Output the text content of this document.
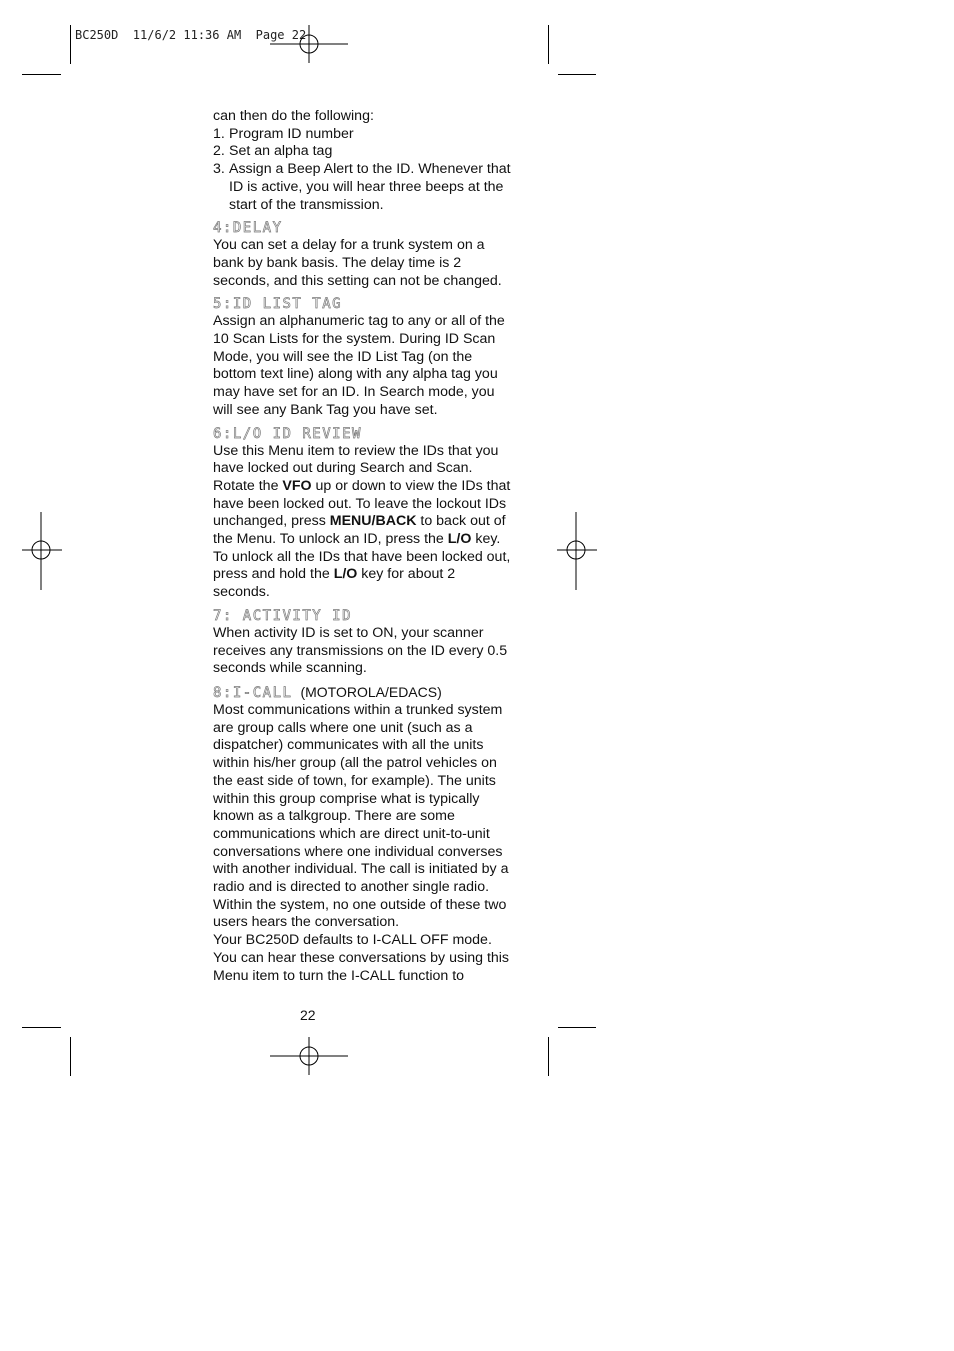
BC250D  11/6/2 11:36 AM  Page 22

can then do the following:

1. Program ID number
2. Set an alpha tag
3. Assign a Beep Alert to the ID. Whenever that ID is active, you will hear three beeps at the start of the transmission.
4:DELAY

You can set a delay for a trunk system on a bank by bank basis. The delay time is 2 seconds, and this setting can not be changed.

5:ID LIST TAG

Assign an alphanumeric tag to any or all of the 10 Scan Lists for the system. During ID Scan Mode, you will see the ID List Tag (on the bottom text line) along with any alpha tag you may have set for an ID. In Search mode, you will see any Bank Tag you have set.

6:L/O ID REVIEW

Use this Menu item to review the IDs that you have locked out during Search and Scan. Rotate the VFO up or down to view the IDs that have been locked out. To leave the lockout IDs unchanged, press MENU/BACK to back out of the Menu. To unlock an ID, press the L/O key. To unlock all the IDs that have been locked out, press and hold the L/O key for about 2 seconds.

7: ACTIVITY ID

When activity ID is set to ON, your scanner receives any transmissions on the ID every 0.5 seconds while scanning.

8:I-CALL (MOTOROLA/EDACS)

Most communications within a trunked system are group calls where one unit (such as a dispatcher) communicates with all the units within his/her group (all the patrol vehicles on the east side of town, for example). The units within this group comprise what is typically known as a talkgroup. There are some communications which are direct unit-to-unit conversations where one individual converses with another individual. The call is initiated by a radio and is directed to another single radio. Within the system, no one outside of these two users hears the conversation.

Your BC250D defaults to I-CALL OFF mode. You can hear these conversations by using this Menu item to turn the I-CALL function to

22
